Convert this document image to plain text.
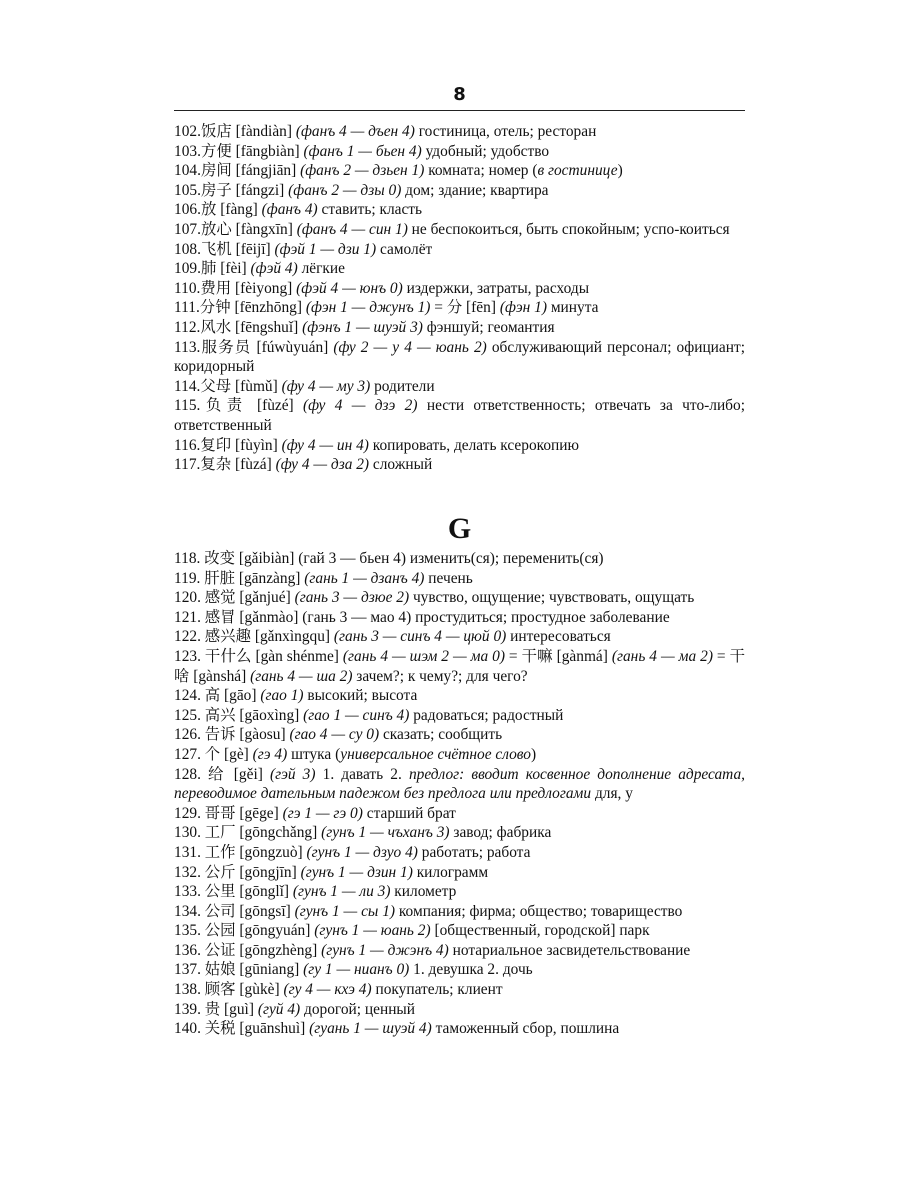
8
102.饭店 [fàndiàn] (фанъ 4 — дъен 4) гостиница, отель; ресторан
103.方便 [fāngbiàn] (фанъ 1 — бьен 4) удобный; удобство
104.房间 [fángjiān] (фанъ 2 — дзьен 1) комната; номер (в гостинице)
105.房子 [fángzi] (фанъ 2 — дзы 0) дом; здание; квартира
106.放 [fàng] (фанъ 4) ставить; класть
107.放心 [fàngxīn] (фанъ 4 — син 1) не беспокоиться, быть спокойным; успо-коиться
108.飞机 [fēijī] (фэй 1 — дзи 1) самолёт
109.肺 [fèi] (фэй 4) лёгкие
110.费用 [fèiyong] (фэй 4 — юнъ 0) издержки, затраты, расходы
111.分钟 [fēnzhōng] (фэн 1 — джунъ 1) = 分 [fēn] (фэн 1) минута
112.风水 [fēngshuǐ] (фэнъ 1 — шуэй 3) фэншуй; геомантия
113.服务员 [fúwùyuán] (фу 2 — у 4 — юань 2) обслуживающий персонал; официант; коридорный
114.父母 [fùmǔ] (фу 4 — му 3) родители
115.负责 [fùzé] (фу 4 — дзэ 2) нести ответственность; отвечать за что-либо; ответственный
116.复印 [fùyìn] (фу 4 — ин 4) копировать, делать ксерокопию
117.复杂 [fùzá] (фу 4 — дза 2) сложный
G
118. 改变 [gǎibiàn] (гай 3 — бьен 4) изменить(ся); переменить(ся)
119. 肝脏 [gānzàng] (гань 1 — дзанъ 4) печень
120. 感觉 [gǎnjué] (гань 3 — дзюе 2) чувство, ощущение; чувствовать, ощущать
121. 感冒 [gǎnmào] (гань 3 — мао 4) простудиться; простудное заболевание
122. 感兴趣 [gǎnxìngqu] (гань 3 — синъ 4 — цюй 0) интересоваться
123. 干什么 [gàn shénme] (гань 4 — шэм 2 — ма 0) = 干嘛 [gànmá] (гань 4 — ма 2) = 干啥 [gànshá] (гань 4 — ша 2) зачем?; к чему?; для чего?
124. 高 [gāo] (гао 1) высокий; высота
125. 高兴 [gāoxìng] (гао 1 — синъ 4) радоваться; радостный
126. 告诉 [gàosu] (гао 4 — су 0) сказать; сообщить
127. 个 [gè] (гэ 4) штука (универсальное счётное слово)
128. 给 [gěi] (гэй 3) 1. давать 2. предлог: вводит косвенное дополнение адресата, переводимое дательным падежом без предлога или предлогами для, у
129. 哥哥 [gēge] (гэ 1 — гэ 0) старший брат
130. 工厂 [gōngchǎng] (гунъ 1 — чъханъ 3) завод; фабрика
131. 工作 [gōngzuò] (гунъ 1 — дзуо 4) работать; работа
132. 公斤 [gōngjīn] (гунъ 1 — дзин 1) килограмм
133. 公里 [gōnglǐ] (гунъ 1 — ли 3) километр
134. 公司 [gōngsī] (гунъ 1 — сы 1) компания; фирма; общество; товарищество
135. 公园 [gōngyuán] (гунъ 1 — юань 2) [общественный, городской] парк
136. 公证 [gōngzhèng] (гунъ 1 — джэнъ 4) нотариальное засвидетельствование
137. 姑娘 [gūniang] (гу 1 — нианъ 0) 1. девушка 2. дочь
138. 顾客 [gùkè] (гу 4 — кхэ 4) покупатель; клиент
139. 贵 [guì] (гуй 4) дорогой; ценный
140. 关税 [guānshuì] (гуань 1 — шуэй 4) таможенный сбор, пошлина
